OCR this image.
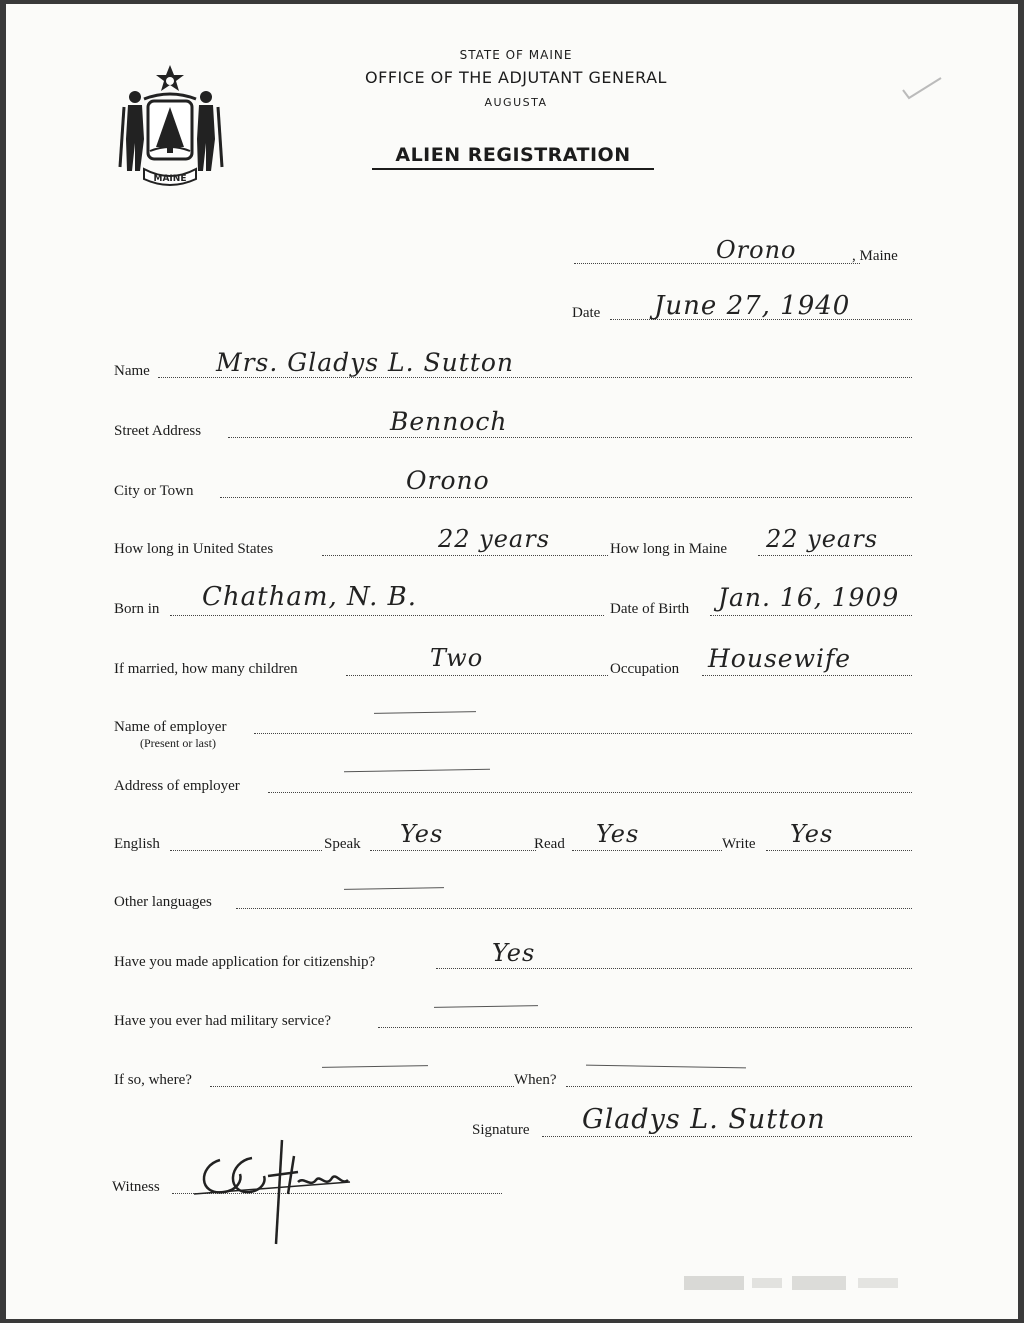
MAINE
STATE OF MAINE
OFFICE OF THE ADJUTANT GENERAL
AUGUSTA
ALIEN REGISTRATION
Orono	, Maine
Date June 27, 1940
Name	Mrs. Gladys L. Sutton
Street Address	Bennoch
City or Town	Orono
How long in United States	22 years	How long in Maine 22 years
Born in Chatham, N. B.	Date of Birth Jan. 16, 1909
If married, how many children	Two	Occupation Housewife
Name of employer
(Present or last)
Address of employer
English	Speak Yes	Read Yes	Write Yes
Other languages
Have you made application for citizenship?	Yes
Have you ever had military service?
If so, where?	When?
Signature Gladys L. Sutton
Witness
G. G. Hayes
